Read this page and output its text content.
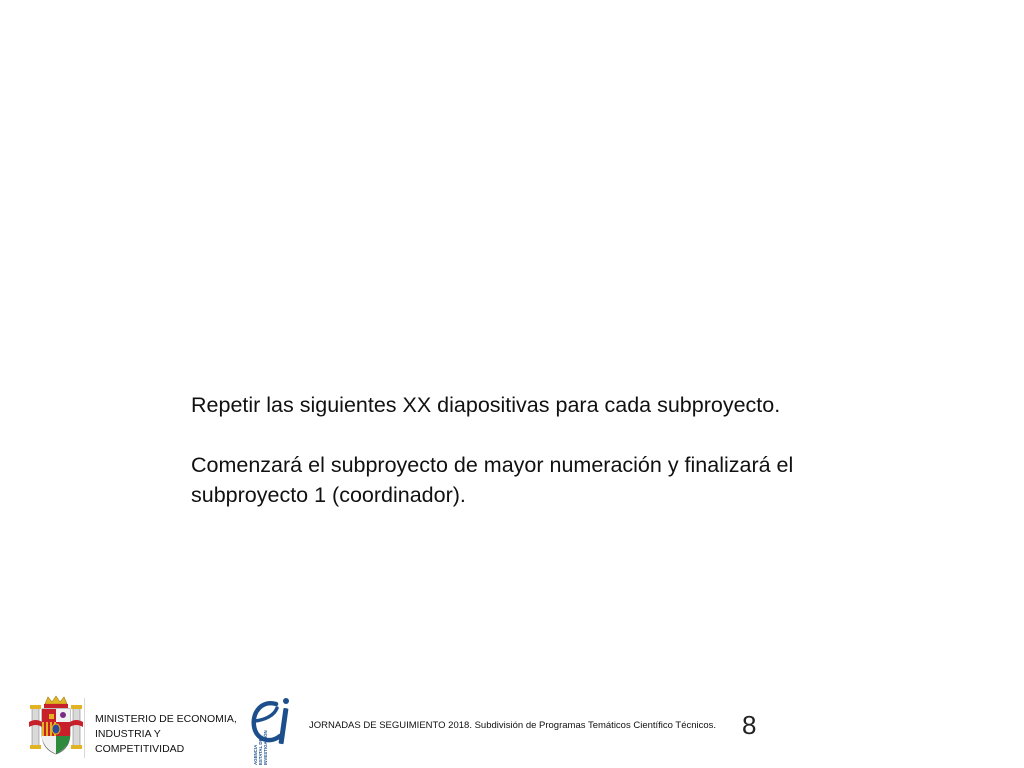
Repetir las siguientes XX diapositivas para cada subproyecto.

Comenzará el subproyecto de mayor numeración y finalizará el subproyecto 1 (coordinador).

MINISTERIO DE ECONOMIA,
INDUSTRIA Y
COMPETITIVIDAD	AGENCIA ESTATAL DE INVESTIGACIÓN
JORNADAS DE SEGUIMIENTO 2018. Subdivisión de Programas Temáticos Científico Técnicos. 8
